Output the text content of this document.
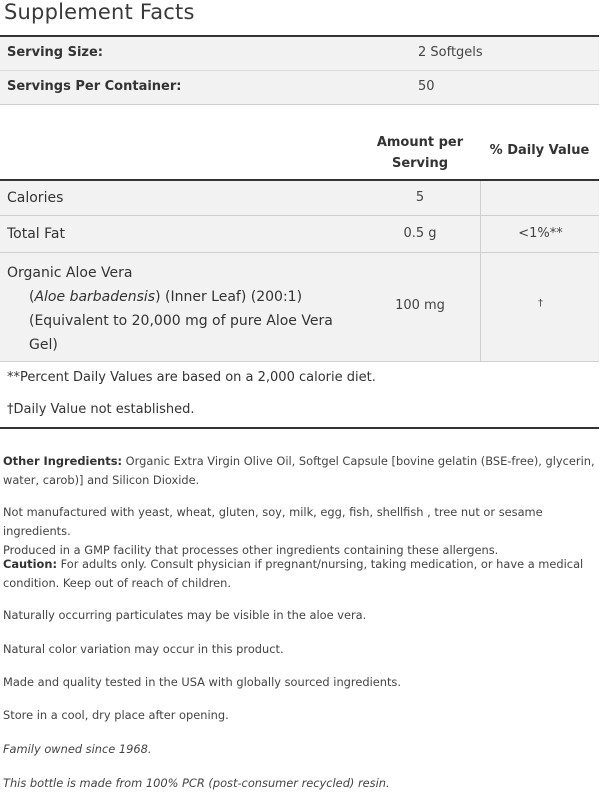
Supplement Facts
Serving Size:	2 Softgels
Servings Per Container:	50
Amount per
Serving
% Daily Value
Calories	5
Total Fat	0.5 g	<1%**
Organic Aloe Vera
(Aloe barbadensis) (Inner Leaf) (200:1)
(Equivalent to 20,000 mg of pure Aloe Vera
Gel)
100 mg	†
**Percent Daily Values are based on a 2,000 calorie diet.
†Daily Value not established.

Other Ingredients: Organic Extra Virgin Olive Oil, Softgel Capsule [bovine gelatin (BSE-free), glycerin,
water, carob)] and Silicon Dioxide.

Not manufactured with yeast, wheat, gluten, soy, milk, egg, fish, shellfish , tree nut or sesame ingredients.
Produced in a GMP facility that processes other ingredients containing these allergens.

Caution: For adults only. Consult physician if pregnant/nursing, taking medication, or have a medical
condition. Keep out of reach of children.

Naturally occurring particulates may be visible in the aloe vera.

Natural color variation may occur in this product.

Made and quality tested in the USA with globally sourced ingredients.

Store in a cool, dry place after opening.

Family owned since 1968.

This bottle is made from 100% PCR (post-consumer recycled) resin.
